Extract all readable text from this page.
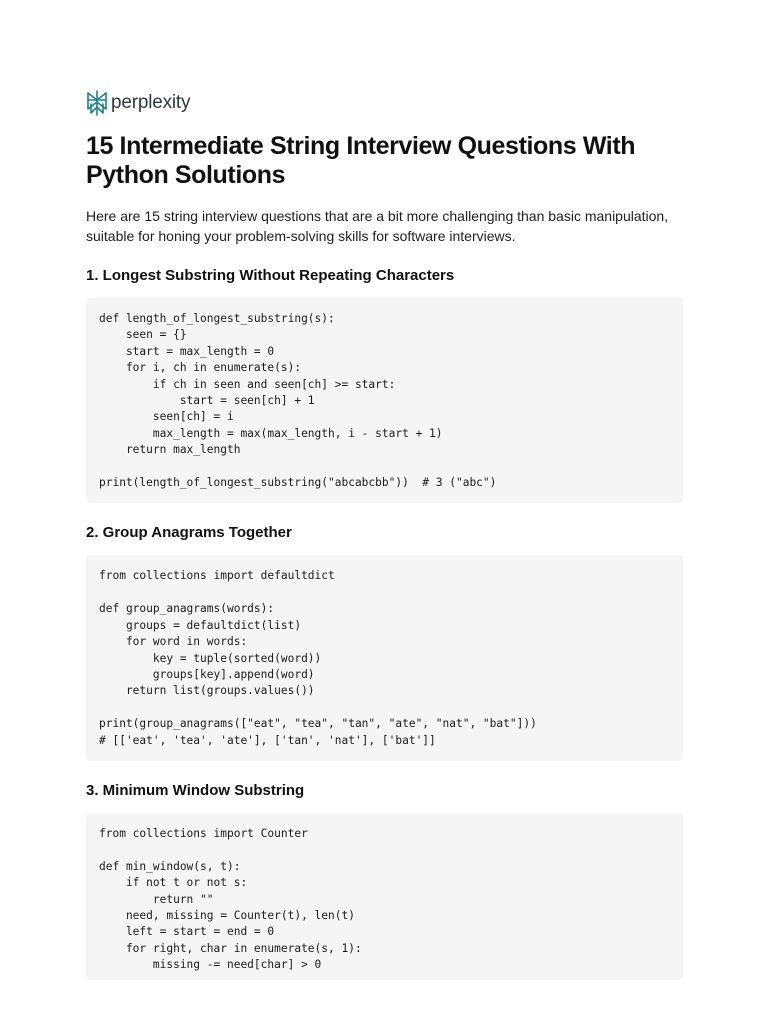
perplexity
15 Intermediate String Interview Questions With Python Solutions

Here are 15 string interview questions that are a bit more challenging than basic manipulation, suitable for honing your problem-solving skills for software interviews.

1. Longest Substring Without Repeating Characters
def length_of_longest_substring(s):
seen = {}
start = max_length = 0
for i, ch in enumerate(s):
if ch in seen and seen[ch] >= start:
start = seen[ch] + 1
seen[ch] = i
max_length = max(max_length, i - start + 1)
return max_length

print(length_of_longest_substring("abcabcbb"))  # 3 ("abc")
2. Group Anagrams Together
from collections import defaultdict

def group_anagrams(words):
groups = defaultdict(list)
for word in words:
key = tuple(sorted(word))
groups[key].append(word)
return list(groups.values())

print(group_anagrams(["eat", "tea", "tan", "ate", "nat", "bat"]))
# [['eat', 'tea', 'ate'], ['tan', 'nat'], ['bat']]
3. Minimum Window Substring
from collections import Counter

def min_window(s, t):
if not t or not s:
return ""
need, missing = Counter(t), len(t)
left = start = end = 0
for right, char in enumerate(s, 1):
missing -= need[char] > 0
